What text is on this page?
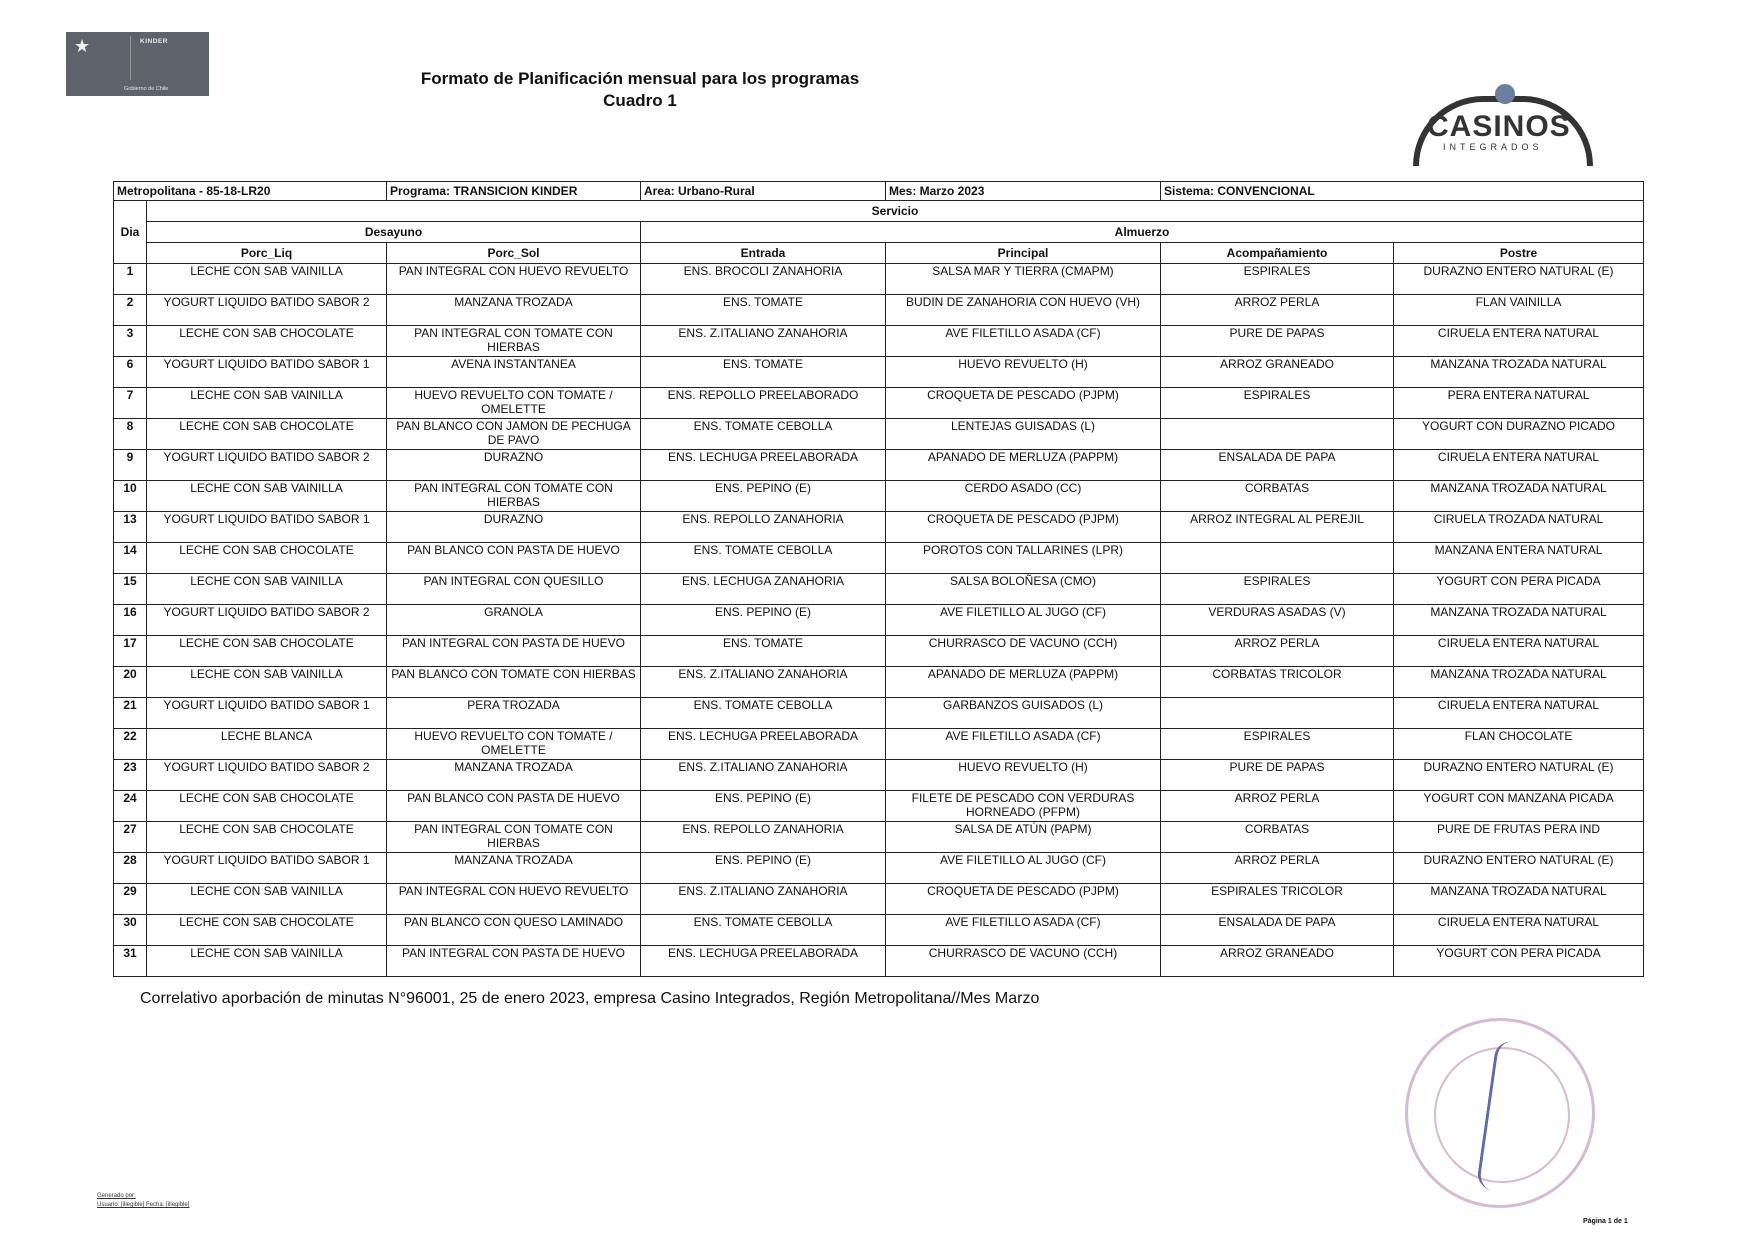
★	KINDER
Gobierno de Chile
Formato de Planificación mensual para los programas
Cuadro 1
CASINOS
INTEGRADOS
Metropolitana - 85-18-LR20		Programa: TRANSICION KINDER	Area: Urbano-Rural	Mes: Marzo 2023	Sistema: CONVENCIONAL	
Dia	Servicio					
	Desayuno		Almuerzo			
	Porc_Liq	Porc_Sol	Entrada	Principal	Acompañamiento	Postre
1	LECHE CON SAB VAINILLA	PAN INTEGRAL CON HUEVO REVUELTO	ENS. BROCOLI ZANAHORIA	SALSA MAR Y TIERRA (CMAPM)	ESPIRALES	DURAZNO ENTERO NATURAL (E)
2	YOGURT LIQUIDO BATIDO SABOR 2	MANZANA TROZADA	ENS. TOMATE	BUDIN DE ZANAHORIA CON HUEVO (VH)	ARROZ PERLA	FLAN VAINILLA
3	LECHE CON SAB CHOCOLATE	PAN INTEGRAL CON TOMATE CON HIERBAS	ENS. Z.ITALIANO ZANAHORIA	AVE FILETILLO ASADA (CF)	PURE DE PAPAS	CIRUELA ENTERA NATURAL
6	YOGURT LIQUIDO BATIDO SABOR 1	AVENA INSTANTANEA	ENS. TOMATE	HUEVO REVUELTO (H)	ARROZ GRANEADO	MANZANA TROZADA NATURAL
7	LECHE CON SAB VAINILLA	HUEVO REVUELTO CON TOMATE / OMELETTE	ENS. REPOLLO PREELABORADO	CROQUETA DE PESCADO (PJPM)	ESPIRALES	PERA ENTERA NATURAL
8	LECHE CON SAB CHOCOLATE	PAN BLANCO CON JAMON DE PECHUGA DE PAVO	ENS. TOMATE CEBOLLA	LENTEJAS GUISADAS (L)		YOGURT CON DURAZNO PICADO
9	YOGURT LIQUIDO BATIDO SABOR 2	DURAZNO	ENS. LECHUGA PREELABORADA	APANADO DE MERLUZA (PAPPM)	ENSALADA DE PAPA	CIRUELA ENTERA NATURAL
10	LECHE CON SAB VAINILLA	PAN INTEGRAL CON TOMATE CON HIERBAS	ENS. PEPINO (E)	CERDO ASADO (CC)	CORBATAS	MANZANA TROZADA NATURAL
13	YOGURT LIQUIDO BATIDO SABOR 1	DURAZNO	ENS. REPOLLO ZANAHORIA	CROQUETA DE PESCADO (PJPM)	ARROZ INTEGRAL AL PEREJIL	CIRUELA TROZADA NATURAL
14	LECHE CON SAB CHOCOLATE	PAN BLANCO CON PASTA DE HUEVO	ENS. TOMATE CEBOLLA	POROTOS CON TALLARINES (LPR)		MANZANA ENTERA NATURAL
15	LECHE CON SAB VAINILLA	PAN INTEGRAL CON QUESILLO	ENS. LECHUGA ZANAHORIA	SALSA BOLOÑESA (CMO)	ESPIRALES	YOGURT CON PERA PICADA
16	YOGURT LIQUIDO BATIDO SABOR 2	GRANOLA	ENS. PEPINO (E)	AVE FILETILLO AL JUGO (CF)	VERDURAS ASADAS (V)	MANZANA TROZADA NATURAL
17	LECHE CON SAB CHOCOLATE	PAN INTEGRAL CON PASTA DE HUEVO	ENS. TOMATE	CHURRASCO DE VACUNO (CCH)	ARROZ PERLA	CIRUELA ENTERA NATURAL
20	LECHE CON SAB VAINILLA	PAN BLANCO CON TOMATE CON HIERBAS	ENS. Z.ITALIANO ZANAHORIA	APANADO DE MERLUZA (PAPPM)	CORBATAS TRICOLOR	MANZANA TROZADA NATURAL
21	YOGURT LIQUIDO BATIDO SABOR 1	PERA TROZADA	ENS. TOMATE CEBOLLA	GARBANZOS GUISADOS (L)		CIRUELA ENTERA NATURAL
22	LECHE BLANCA	HUEVO REVUELTO CON TOMATE / OMELETTE	ENS. LECHUGA PREELABORADA	AVE FILETILLO ASADA (CF)	ESPIRALES	FLAN CHOCOLATE
23	YOGURT LIQUIDO BATIDO SABOR 2	MANZANA TROZADA	ENS. Z.ITALIANO ZANAHORIA	HUEVO REVUELTO (H)	PURE DE PAPAS	DURAZNO ENTERO NATURAL (E)
24	LECHE CON SAB CHOCOLATE	PAN BLANCO CON PASTA DE HUEVO	ENS. PEPINO (E)	FILETE DE PESCADO CON VERDURAS HORNEADO (PFPM)	ARROZ PERLA	YOGURT CON MANZANA PICADA
27	LECHE CON SAB CHOCOLATE	PAN INTEGRAL CON TOMATE CON HIERBAS	ENS. REPOLLO ZANAHORIA	SALSA DE ATÚN (PAPM)	CORBATAS	PURE DE FRUTAS PERA IND
28	YOGURT LIQUIDO BATIDO SABOR 1	MANZANA TROZADA	ENS. PEPINO (E)	AVE FILETILLO AL JUGO (CF)	ARROZ PERLA	DURAZNO ENTERO NATURAL (E)
29	LECHE CON SAB VAINILLA	PAN INTEGRAL CON HUEVO REVUELTO	ENS. Z.ITALIANO ZANAHORIA	CROQUETA DE PESCADO (PJPM)	ESPIRALES TRICOLOR	MANZANA TROZADA NATURAL
30	LECHE CON SAB CHOCOLATE	PAN BLANCO CON QUESO LAMINADO	ENS. TOMATE CEBOLLA	AVE FILETILLO ASADA (CF)	ENSALADA DE PAPA	CIRUELA ENTERA NATURAL
31	LECHE CON SAB VAINILLA	PAN INTEGRAL CON PASTA DE HUEVO	ENS. LECHUGA PREELABORADA	CHURRASCO DE VACUNO (CCH)	ARROZ GRANEADO	YOGURT CON PERA PICADA
Correlativo aporbación de minutas N°96001, 25 de enero 2023, empresa Casino Integrados, Región Metropolitana//Mes Marzo
Generado por:
Usuario: [illegible] Fecha: [illegible]
Página 1 de 1
